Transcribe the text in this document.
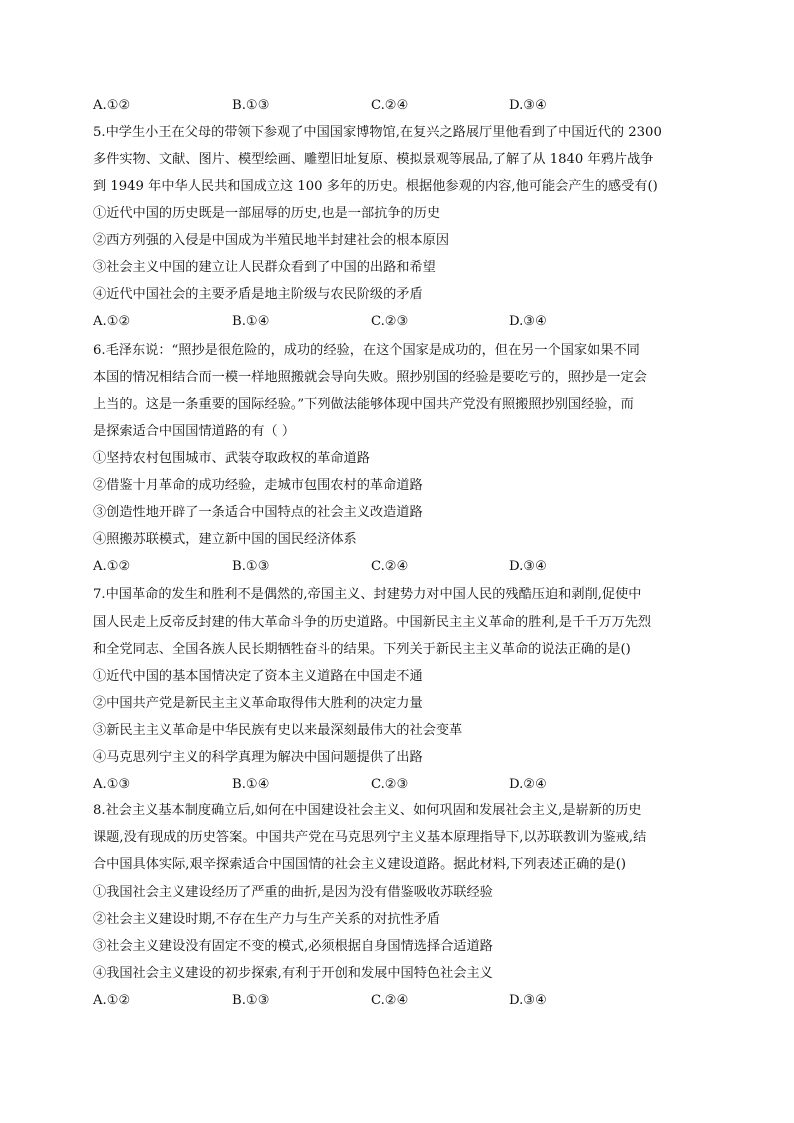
A.①②	B.①③	C.②④	D.③④
5.中学生小王在父母的带领下参观了中国国家博物馆,在复兴之路展厅里他看到了中国近代的 2300
多件实物、文献、图片、模型绘画、雕塑旧址复原、模拟景观等展品,了解了从 1840 年鸦片战争
到 1949 年中华人民共和国成立这 100 多年的历史。根据他参观的内容,他可能会产生的感受有()
①近代中国的历史既是一部屈辱的历史,也是一部抗争的历史
②西方列强的入侵是中国成为半殖民地半封建社会的根本原因
③社会主义中国的建立让人民群众看到了中国的出路和希望
④近代中国社会的主要矛盾是地主阶级与农民阶级的矛盾
A.①②	B.①④	C.②③	D.③④
6.毛泽东说：“照抄是很危险的，成功的经验，在这个国家是成功的，但在另一个国家如果不同
本国的情况相结合而一模一样地照搬就会导向失败。照抄别国的经验是要吃亏的，照抄是一定会
上当的。这是一条重要的国际经验。”下列做法能够体现中国共产党没有照搬照抄别国经验，而
是探索适合中国国情道路的有（ ）
①坚持农村包围城市、武装夺取政权的革命道路
②借鉴十月革命的成功经验，走城市包围农村的革命道路
③创造性地开辟了一条适合中国特点的社会主义改造道路
④照搬苏联模式，建立新中国的国民经济体系
A.①②	B.①③	C.②④	D.③④
7.中国革命的发生和胜利不是偶然的,帝国主义、封建势力对中国人民的残酷压迫和剥削,促使中
国人民走上反帝反封建的伟大革命斗争的历史道路。中国新民主主义革命的胜利,是千千万万先烈
和全党同志、全国各族人民长期牺牲奋斗的结果。下列关于新民主主义革命的说法正确的是()
①近代中国的基本国情决定了资本主义道路在中国走不通
②中国共产党是新民主主义革命取得伟大胜利的决定力量
③新民主主义革命是中华民族有史以来最深刻最伟大的社会变革
④马克思列宁主义的科学真理为解决中国问题提供了出路
A.①③	B.①④	C.②③	D.②④
8.社会主义基本制度确立后,如何在中国建设社会主义、如何巩固和发展社会主义,是崭新的历史
课题,没有现成的历史答案。中国共产党在马克思列宁主义基本原理指导下,以苏联教训为鉴戒,结
合中国具体实际,艰辛探索适合中国国情的社会主义建设道路。据此材料,下列表述正确的是()
①我国社会主义建设经历了严重的曲折,是因为没有借鉴吸收苏联经验
②社会主义建设时期,不存在生产力与生产关系的对抗性矛盾
③社会主义建设没有固定不变的模式,必须根据自身国情选择合适道路
④我国社会主义建设的初步探索,有利于开创和发展中国特色社会主义
A.①②	B.①③	C.②④	D.③④
